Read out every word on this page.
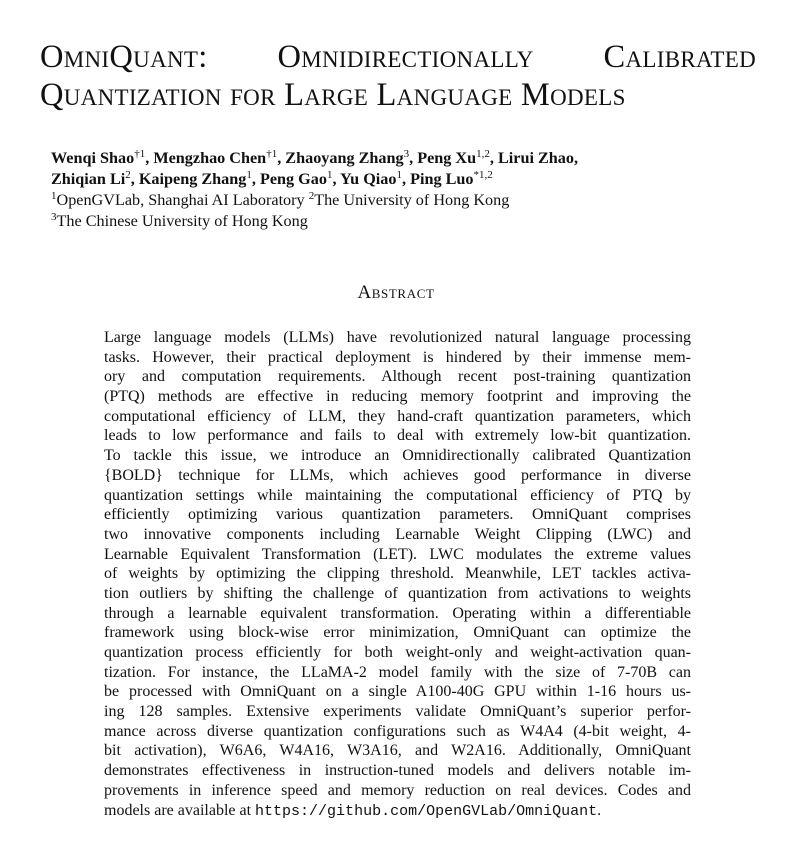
OmniQuant: Omnidirectionally Calibrated
Quantization for Large Language Models
Wenqi Shao$^{\dagger 1}$, Mengzhao Chen$^{\dagger 1}$, Zhaoyang Zhang$^3$, Peng Xu$^{1,2}$, Lirui Zhao,
Zhiqian Li$^2$, Kaipeng Zhang$^1$, Peng Gao$^1$, Yu Qiao$^1$, Ping Luo$^{*1,2}$
$^1$OpenGVLab, Shanghai AI Laboratory $^2$The University of Hong Kong
$^3$The Chinese University of Hong Kong
Abstract
Large language models (LLMs) have revolutionized natural language processing
tasks. However, their practical deployment is hindered by their immense mem-
ory and computation requirements. Although recent post-training quantization
(PTQ) methods are effective in reducing memory footprint and improving the
computational efficiency of LLM, they hand-craft quantization parameters, which
leads to low performance and fails to deal with extremely low-bit quantization.
To tackle this issue, we introduce an Omnidirectionally calibrated Quantization
{BOLD} technique for LLMs, which achieves good performance in diverse
quantization settings while maintaining the computational efficiency of PTQ by
efficiently optimizing various quantization parameters. OmniQuant comprises
two innovative components including Learnable Weight Clipping (LWC) and
Learnable Equivalent Transformation (LET). LWC modulates the extreme values
of weights by optimizing the clipping threshold. Meanwhile, LET tackles activa-
tion outliers by shifting the challenge of quantization from activations to weights
through a learnable equivalent transformation. Operating within a differentiable
framework using block-wise error minimization, OmniQuant can optimize the
quantization process efficiently for both weight-only and weight-activation quan-
tization. For instance, the LLaMA-2 model family with the size of 7-70B can
be processed with OmniQuant on a single A100-40G GPU within 1-16 hours us-
ing 128 samples. Extensive experiments validate OmniQuant’s superior perfor-
mance across diverse quantization configurations such as W4A4 (4-bit weight, 4-
bit activation), W6A6, W4A16, W3A16, and W2A16. Additionally, OmniQuant
demonstrates effectiveness in instruction-tuned models and delivers notable im-
provements in inference speed and memory reduction on real devices. Codes and
models are available at https://github.com/OpenGVLab/OmniQuant.
